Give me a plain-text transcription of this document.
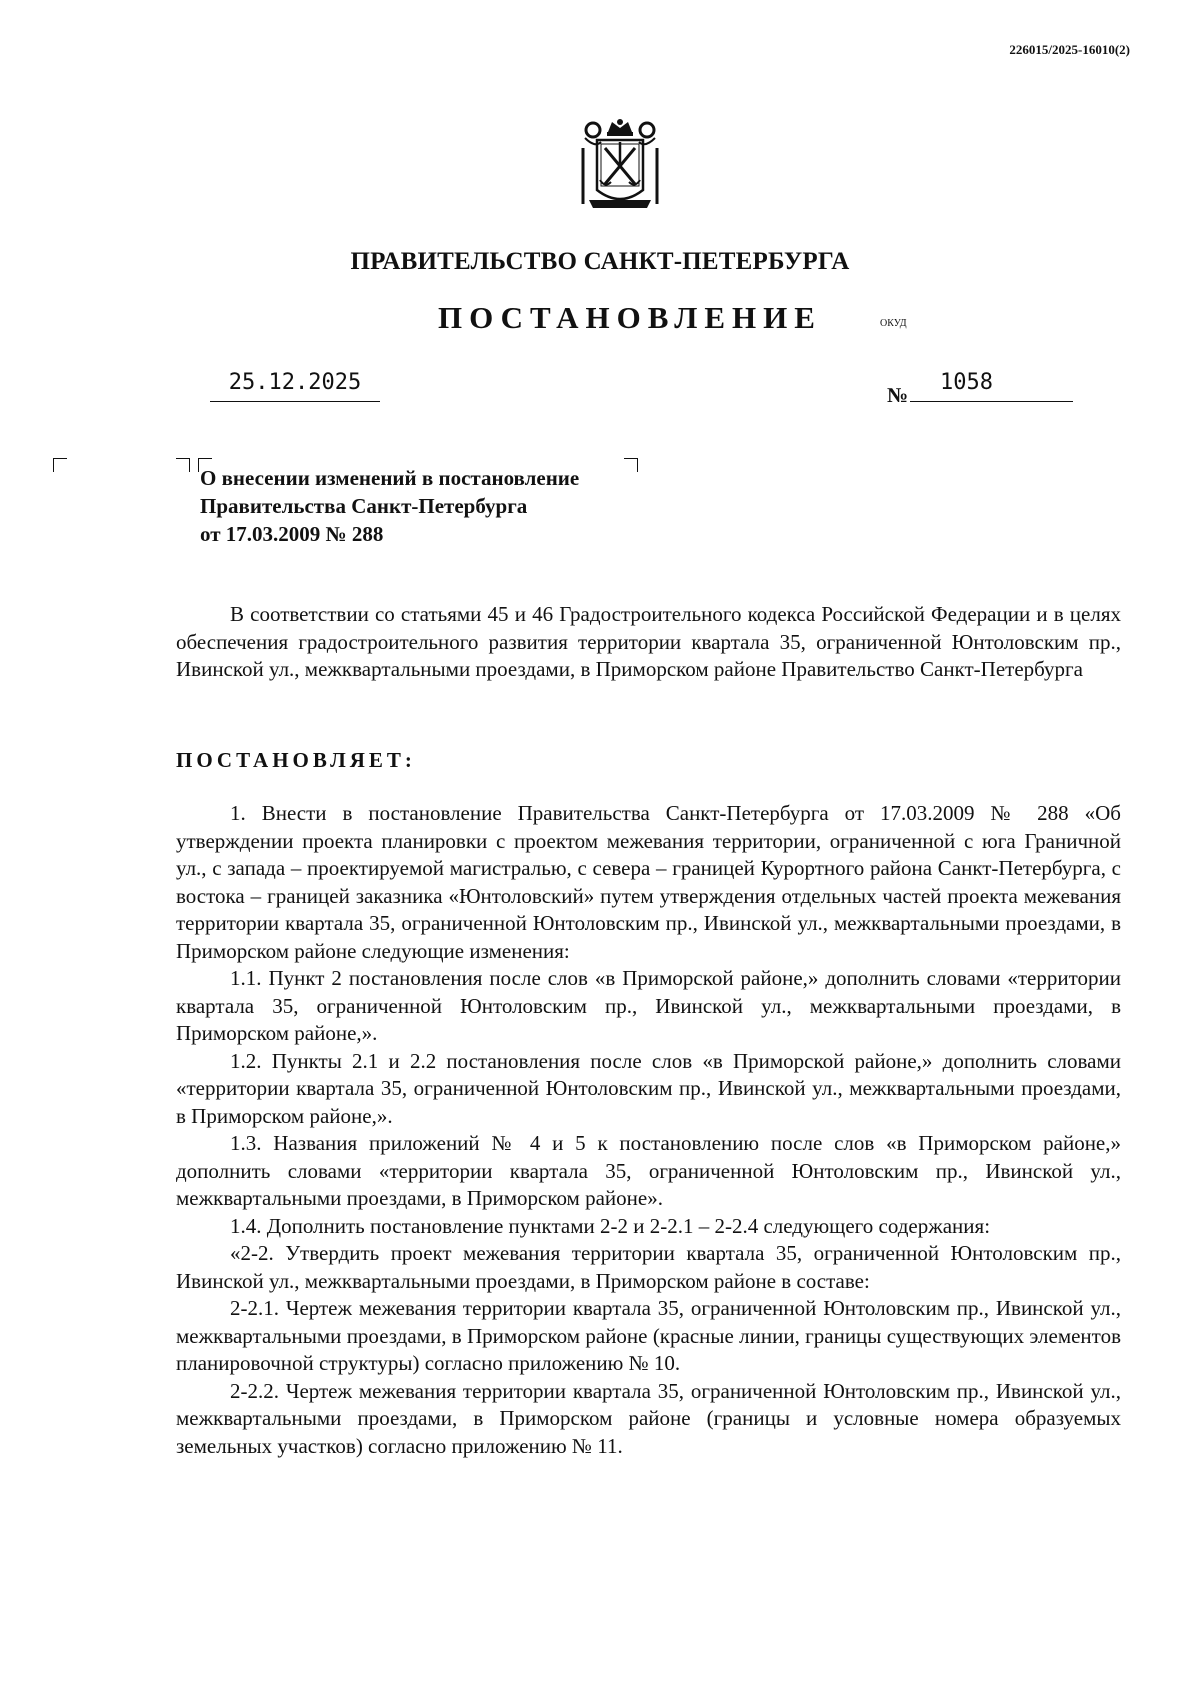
226015/2025-16010(2)
ПРАВИТЕЛЬСТВО САНКТ-ПЕТЕРБУРГА
ПОСТАНОВЛЕНИЕ	ОКУД
25.12.2025	№	1058
О внесении изменений в постановление
Правительства Санкт-Петербурга
от 17.03.2009 № 288

В соответствии со статьями 45 и 46 Градостроительного кодекса Российской Федерации и в целях обеспечения градостроительного развития территории квартала 35, ограниченной Юнтоловским пр., Ивинской ул., межквартальными проездами, в Приморском районе Правительство Санкт-Петербурга

ПОСТАНОВЛЯЕТ:

1. Внести в постановление Правительства Санкт-Петербурга от 17.03.2009 № 288 «Об утверждении проекта планировки с проектом межевания территории, ограниченной с юга Граничной ул., с запада – проектируемой магистралью, с севера – границей Курортного района Санкт-Петербурга, с востока – границей заказника «Юнтоловский» путем утверждения отдельных частей проекта межевания территории квартала 35, ограниченной Юнтоловским пр., Ивинской ул., межквартальными проездами, в Приморском районе следующие изменения:

1.1. Пункт 2 постановления после слов «в Приморской районе,» дополнить словами «территории квартала 35, ограниченной Юнтоловским пр., Ивинской ул., межквартальными проездами, в Приморском районе,».

1.2. Пункты 2.1 и 2.2 постановления после слов «в Приморской районе,» дополнить словами «территории квартала 35, ограниченной Юнтоловским пр., Ивинской ул., межквартальными проездами, в Приморском районе,».

1.3. Названия приложений № 4 и 5 к постановлению после слов «в Приморском районе,» дополнить словами «территории квартала 35, ограниченной Юнтоловским пр., Ивинской ул., межквартальными проездами, в Приморском районе».

1.4. Дополнить постановление пунктами 2-2 и 2-2.1 – 2-2.4 следующего содержания:

«2-2. Утвердить проект межевания территории квартала 35, ограниченной Юнтоловским пр., Ивинской ул., межквартальными проездами, в Приморском районе в составе:

2-2.1. Чертеж межевания территории квартала 35, ограниченной Юнтоловским пр., Ивинской ул., межквартальными проездами, в Приморском районе (красные линии, границы существующих элементов планировочной структуры) согласно приложению № 10.

2-2.2. Чертеж межевания территории квартала 35, ограниченной Юнтоловским пр., Ивинской ул., межквартальными проездами, в Приморском районе (границы и условные номера образуемых земельных участков) согласно приложению № 11.
